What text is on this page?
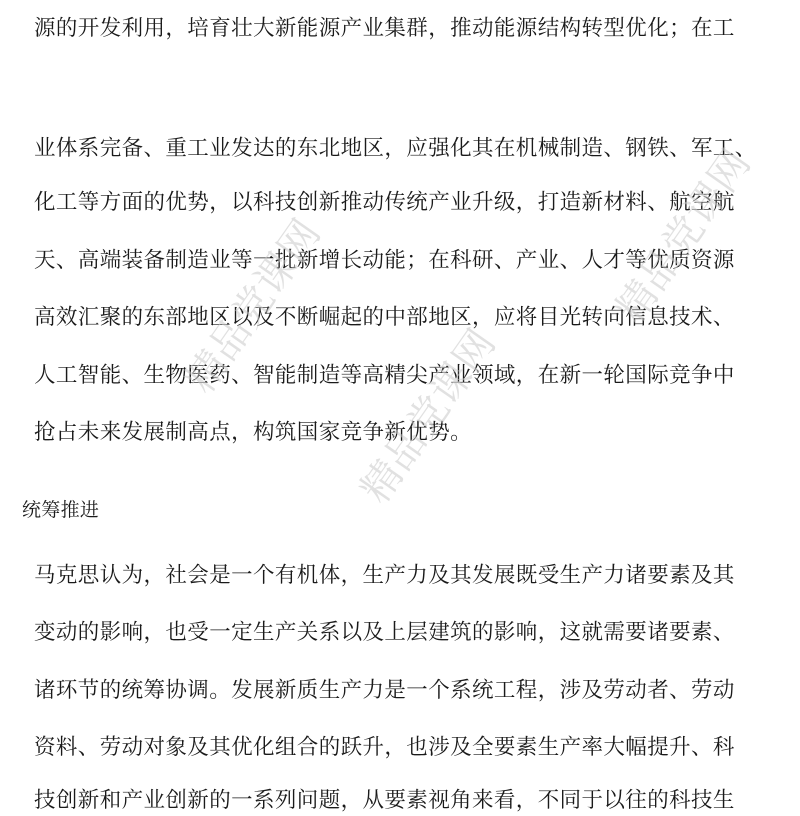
源的开发利用，培育壮大新能源产业集群，推动能源结构转型优化；在工
业体系完备、重工业发达的东北地区，应强化其在机械制造、钢铁、军工、
化工等方面的优势，以科技创新推动传统产业升级，打造新材料、航空航
天、高端装备制造业等一批新增长动能；在科研、产业、人才等优质资源
高效汇聚的东部地区以及不断崛起的中部地区，应将目光转向信息技术、
人工智能、生物医药、智能制造等高精尖产业领域，在新一轮国际竞争中
抢占未来发展制高点，构筑国家竞争新优势。
统筹推进
马克思认为，社会是一个有机体，生产力及其发展既受生产力诸要素及其
变动的影响，也受一定生产关系以及上层建筑的影响，这就需要诸要素、
诸环节的统筹协调。发展新质生产力是一个系统工程，涉及劳动者、劳动
资料、劳动对象及其优化组合的跃升，也涉及全要素生产率大幅提升、科
技创新和产业创新的一系列问题，从要素视角来看，不同于以往的科技生
精品党课网
精品党课网
精品党课网
